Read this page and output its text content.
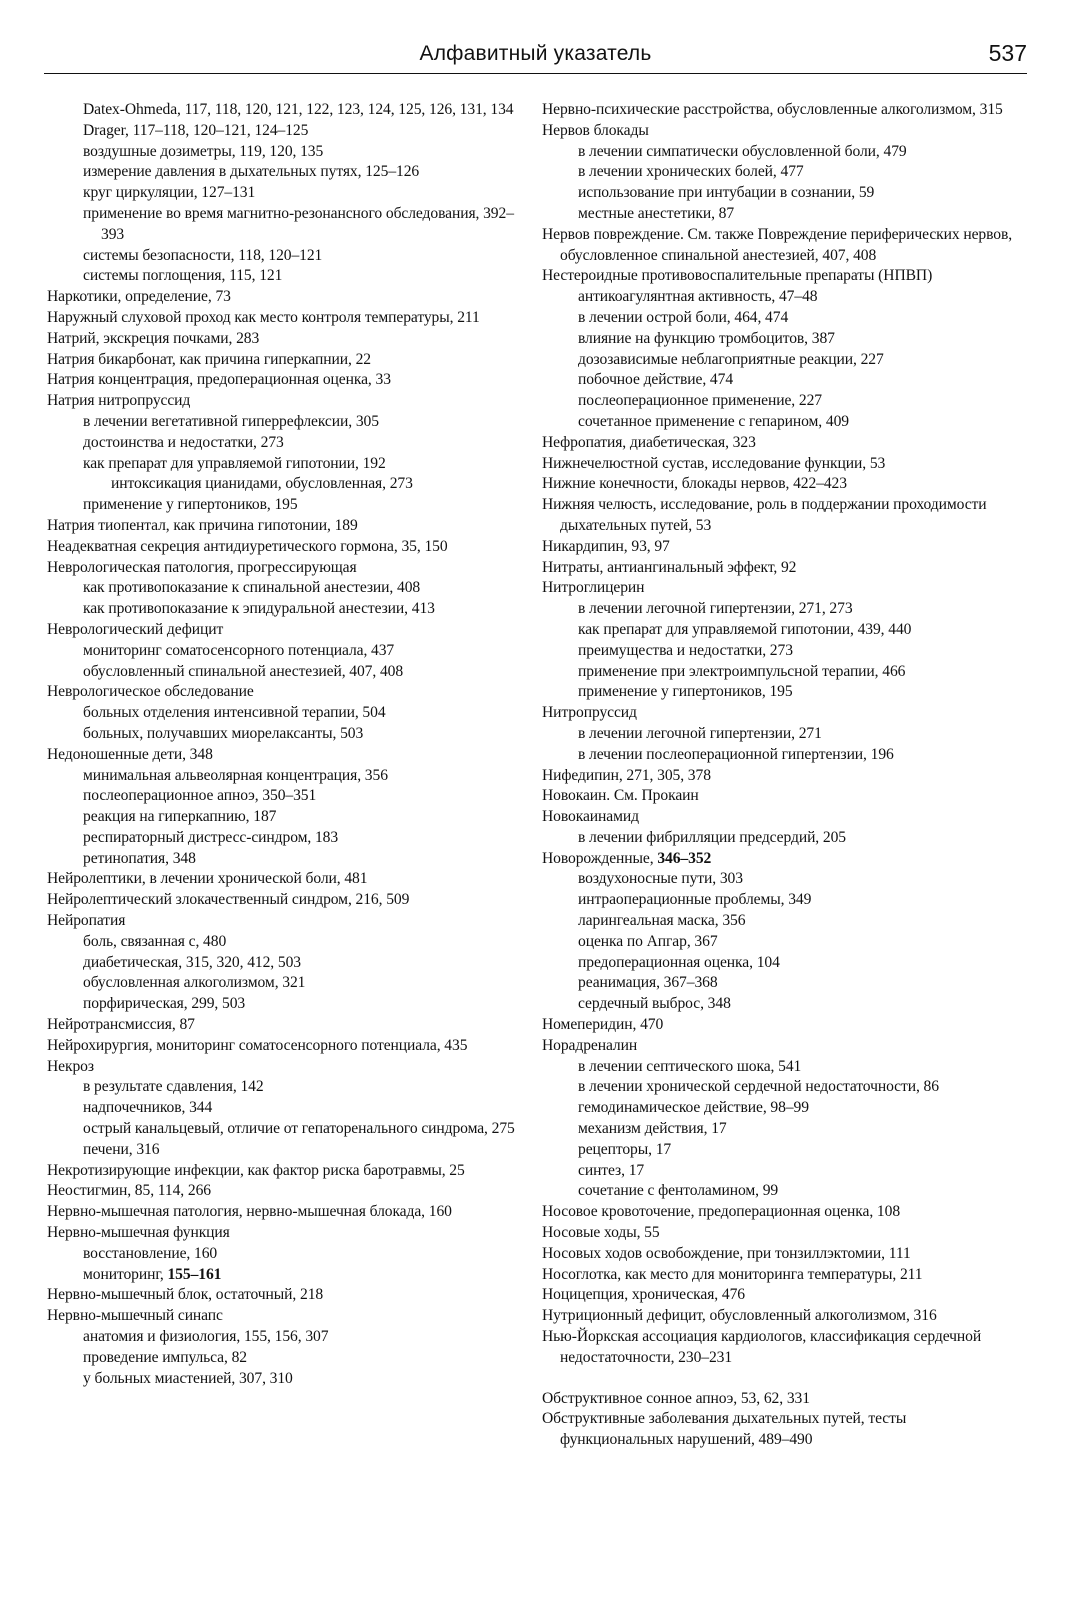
Алфавитный указатель	537
Datex-Ohmeda, 117, 118, 120, 121, 122, 123, 124, 125, 126, 131, 134
Drager, 117–118, 120–121, 124–125
воздушные дозиметры, 119, 120, 135
измерение давления в дыхательных путях, 125–126
круг циркуляции, 127–131
применение во время магнитно-резонансного обследования, 392–393
системы безопасности, 118, 120–121
системы поглощения, 115, 121
Наркотики, определение, 73
Наружный слуховой проход как место контроля температуры, 211
Натрий, экскреция почками, 283
Натрия бикарбонат, как причина гиперкапнии, 22
Натрия концентрация, предоперационная оценка, 33
Натрия нитропруссид
в лечении вегетативной гиперрефлексии, 305
достоинства и недостатки, 273
как препарат для управляемой гипотонии, 192
интоксикация цианидами, обусловленная, 273
применение у гипертоников, 195
Натрия тиопентал, как причина гипотонии, 189
Неадекватная секреция антидиуретического гормона, 35, 150
Неврологическая патология, прогрессирующая
как противопоказание к спинальной анестезии, 408
как противопоказание к эпидуральной анестезии, 413
Неврологический дефицит
мониторинг соматосенсорного потенциала, 437
обусловленный спинальной анестезией, 407, 408
Неврологическое обследование
больных отделения интенсивной терапии, 504
больных, получавших миорелаксанты, 503
Недоношенные дети, 348
минимальная альвеолярная концентрация, 356
послеоперационное апноэ, 350–351
реакция на гиперкапнию, 187
респираторный дистресс-синдром, 183
ретинопатия, 348
Нейролептики, в лечении хронической боли, 481
Нейролептический злокачественный синдром, 216, 509
Нейропатия
боль, связанная с, 480
диабетическая, 315, 320, 412, 503
обусловленная алкоголизмом, 321
порфирическая, 299, 503
Нейротрансмиссия, 87
Нейрохирургия, мониторинг соматосенсорного потенциала, 435
Некроз
в результате сдавления, 142
надпочечников, 344
острый канальцевый, отличие от гепаторенального синдрома, 275
печени, 316
Некротизирующие инфекции, как фактор риска баротравмы, 25
Неостигмин, 85, 114, 266
Нервно-мышечная патология, нервно-мышечная блокада, 160
Нервно-мышечная функция
восстановление, 160
мониторинг, 155–161
Нервно-мышечный блок, остаточный, 218
Нервно-мышечный синапс
анатомия и физиология, 155, 156, 307
проведение импульса, 82
у больных миастенией, 307, 310
Нервно-психические расстройства, обусловленные алкоголизмом, 315
Нервов блокады
в лечении симпатически обусловленной боли, 479
в лечении хронических болей, 477
использование при интубации в сознании, 59
местные анестетики, 87
Нервов повреждение. См. также Повреждение периферических нервов, обусловленное спинальной анестезией, 407, 408
Нестероидные противовоспалительные препараты (НПВП)
антикоагулянтная активность, 47–48
в лечении острой боли, 464, 474
влияние на функцию тромбоцитов, 387
дозозависимые неблагоприятные реакции, 227
побочное действие, 474
послеоперационное применение, 227
сочетанное применение с гепарином, 409
Нефропатия, диабетическая, 323
Нижнечелюстной сустав, исследование функции, 53
Нижние конечности, блокады нервов, 422–423
Нижняя челюсть, исследование, роль в поддержании проходимости дыхательных путей, 53
Никардипин, 93, 97
Нитраты, антиангинальный эффект, 92
Нитроглицерин
в лечении легочной гипертензии, 271, 273
как препарат для управляемой гипотонии, 439, 440
преимущества и недостатки, 273
применение при электроимпульсной терапии, 466
применение у гипертоников, 195
Нитропруссид
в лечении легочной гипертензии, 271
в лечении послеоперационной гипертензии, 196
Нифедипин, 271, 305, 378
Новокаин. См. Прокаин
Новокаинамид
в лечении фибрилляции предсердий, 205
Новорожденные, 346–352
воздухоносные пути, 303
интраоперационные проблемы, 349
ларингеальная маска, 356
оценка по Апгар, 367
предоперационная оценка, 104
реанимация, 367–368
сердечный выброс, 348
Номеперидин, 470
Норадреналин
в лечении септического шока, 541
в лечении хронической сердечной недостаточности, 86
гемодинамическое действие, 98–99
механизм действия, 17
рецепторы, 17
синтез, 17
сочетание с фентоламином, 99
Носовое кровоточение, предоперационная оценка, 108
Носовые ходы, 55
Носовых ходов освобождение, при тонзиллэктомии, 111
Носоглотка, как место для мониторинга температуры, 211
Ноцицепция, хроническая, 476
Нутриционный дефицит, обусловленный алкоголизмом, 316
Нью-Йоркская ассоциация кардиологов, классификация сердечной недостаточности, 230–231
Обструктивное сонное апноэ, 53, 62, 331
Обструктивные заболевания дыхательных путей, тесты функциональных нарушений, 489–490
